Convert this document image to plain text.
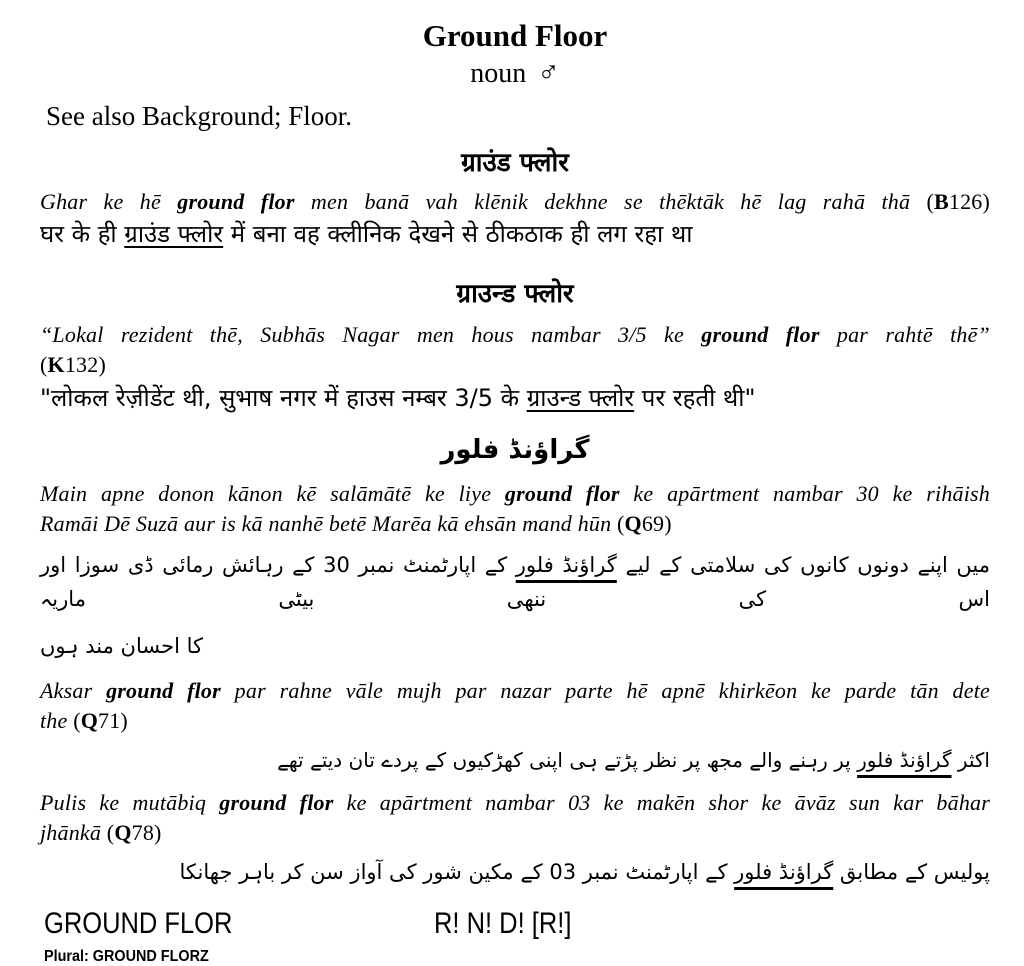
Ground Floor
noun ♂
See also Background; Floor.
ग्राउंड फ्लोर
Ghar ke hē ground flor men banā vah klēnik dekhne se thēktāk hē lag rahā thā (B126)
घर के ही ग्राउंड फ्लोर में बना वह क्लीनिक देखने से ठीकठाक ही लग रहा था
ग्राउन्ड फ्लोर
“Lokal rezident thē, Subhās Nagar men hous nambar 3/5 ke ground flor par rahtē thē”
(K132)
"लोकल रेज़ीडेंट थी, सुभाष नगर में हाउस नम्बर 3/5 के ग्राउन्ड फ्लोर पर रहती थी"
گراؤنڈ فلور
Main apne donon kānon kē salāmātē ke liye ground flor ke apārtment nambar 30 ke rihāish
Ramāi Dē Suzā aur is kā nanhē betē Marēa kā ehsān mand hūn (Q69)
میں اپنے دونوں کانوں کی سلامتی کے لیے گراؤنڈ فلور کے اپارٹمنٹ نمبر 30 کے رہائش رمائی ڈی سوزا اور اس کی ننھی بیٹی ماریہ
کا احسان مند ہوں
Aksar ground flor par rahne vāle mujh par nazar parte hē apnē khirkēon ke parde tān dete
the (Q71)
اکثر گراؤنڈ فلور پر رہنے والے مجھ پر نظر پڑتے ہی اپنی کھڑکیوں کے پردے تان دیتے تھے
Pulis ke mutābiq ground flor ke apārtment nambar 03 ke makēn shor ke āvāz sun kar bāhar
jhānkā (Q78)
پولیس کے مطابق گراؤنڈ فلور کے اپارٹمنٹ نمبر 03 کے مکین شور کی آواز سن کر باہر جھانکا
GROUND FLOR	R! N! D! [R!]
Plural: GROUND FLORZ
